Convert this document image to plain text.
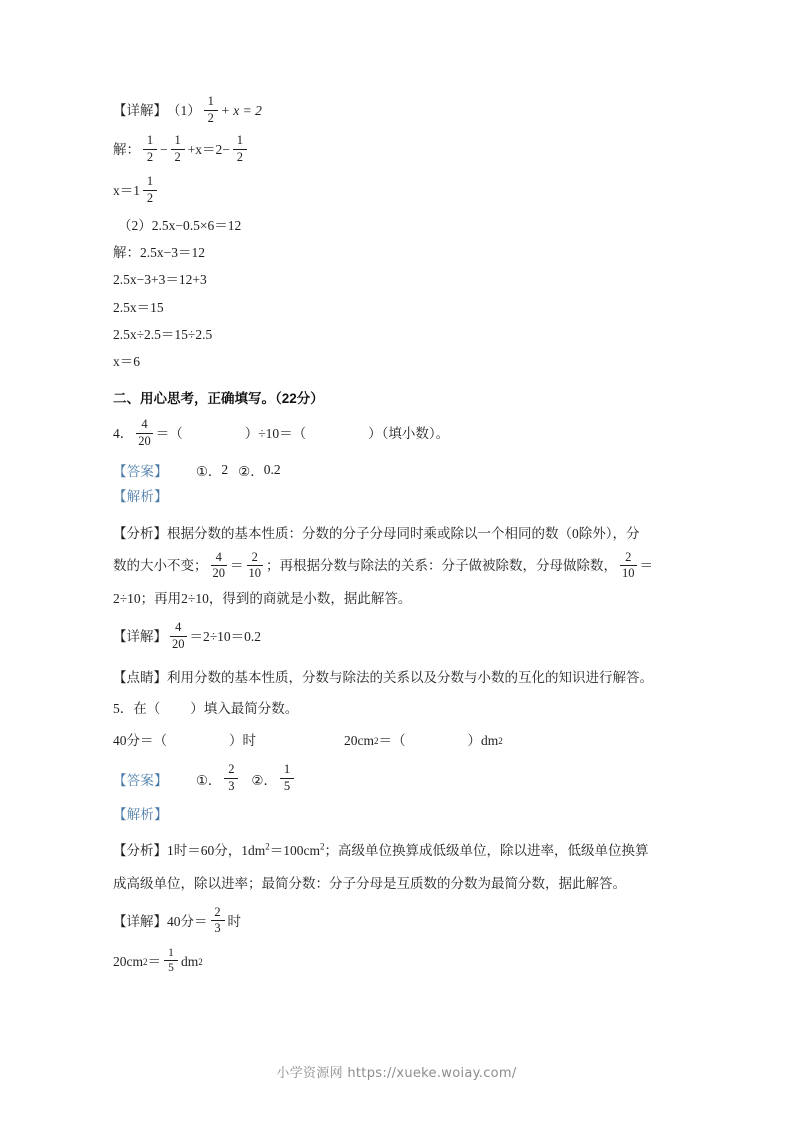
【详解】 $(1) \frac{1}{2} + x = 2$
解： $\frac{1}{2} - \frac{1}{2} +x=2- \frac{1}{2}$
$x=1 \frac{1}{2}$
（2） 2.5x−0.5×6＝12
解：2.5x−3＝12
2.5x−3+3＝12+3
2.5x＝15
2.5x÷2.5＝15÷2.5
x＝6
二、用心思考，正确填写。（22分）
4． $\frac{4}{20}$ ＝（	）÷10＝（	）（填小数）。
【答案】 ①． 2 ②． 0.2
【解析】
【分析】根据分数的基本性质：分数的分子分母同时乘或除以一个相同的数（0除外），分
数的大小不变； $\frac{4}{20} = \frac{2}{10}$ ；再根据分数与除法的关系：分子做被除数，分母做除数， $\frac{2}{10}$ ＝
2÷10；再用2÷10，得到的商就是小数，据此解答。
【详解】 $\frac{4}{20} =2\div 10=0.2$
【点睛】利用分数的基本性质，分数与除法的关系以及分数与小数的互化的知识进行解答。
5． 在（ ）填入最简分数。
40分＝（	）时	20cm 2 ＝（	）dm 2
【答案】 ①． $\frac{2}{3}$ ②． $\frac{1}{5}$
【解析】
【分析】1时＝60分，$1dm^2=100cm^2$；高级单位换算成低级单位，除以进率，低级单位换算
成高级单位，除以进率；最简分数：分子分母是互质数的分数为最简分数，据此解答。
【详解】 40分＝ $\frac{2}{3}$ 时
20cm $2 = \frac{1}{5}$ dm 2
小学资源网 https://xueke.woiay.com/
